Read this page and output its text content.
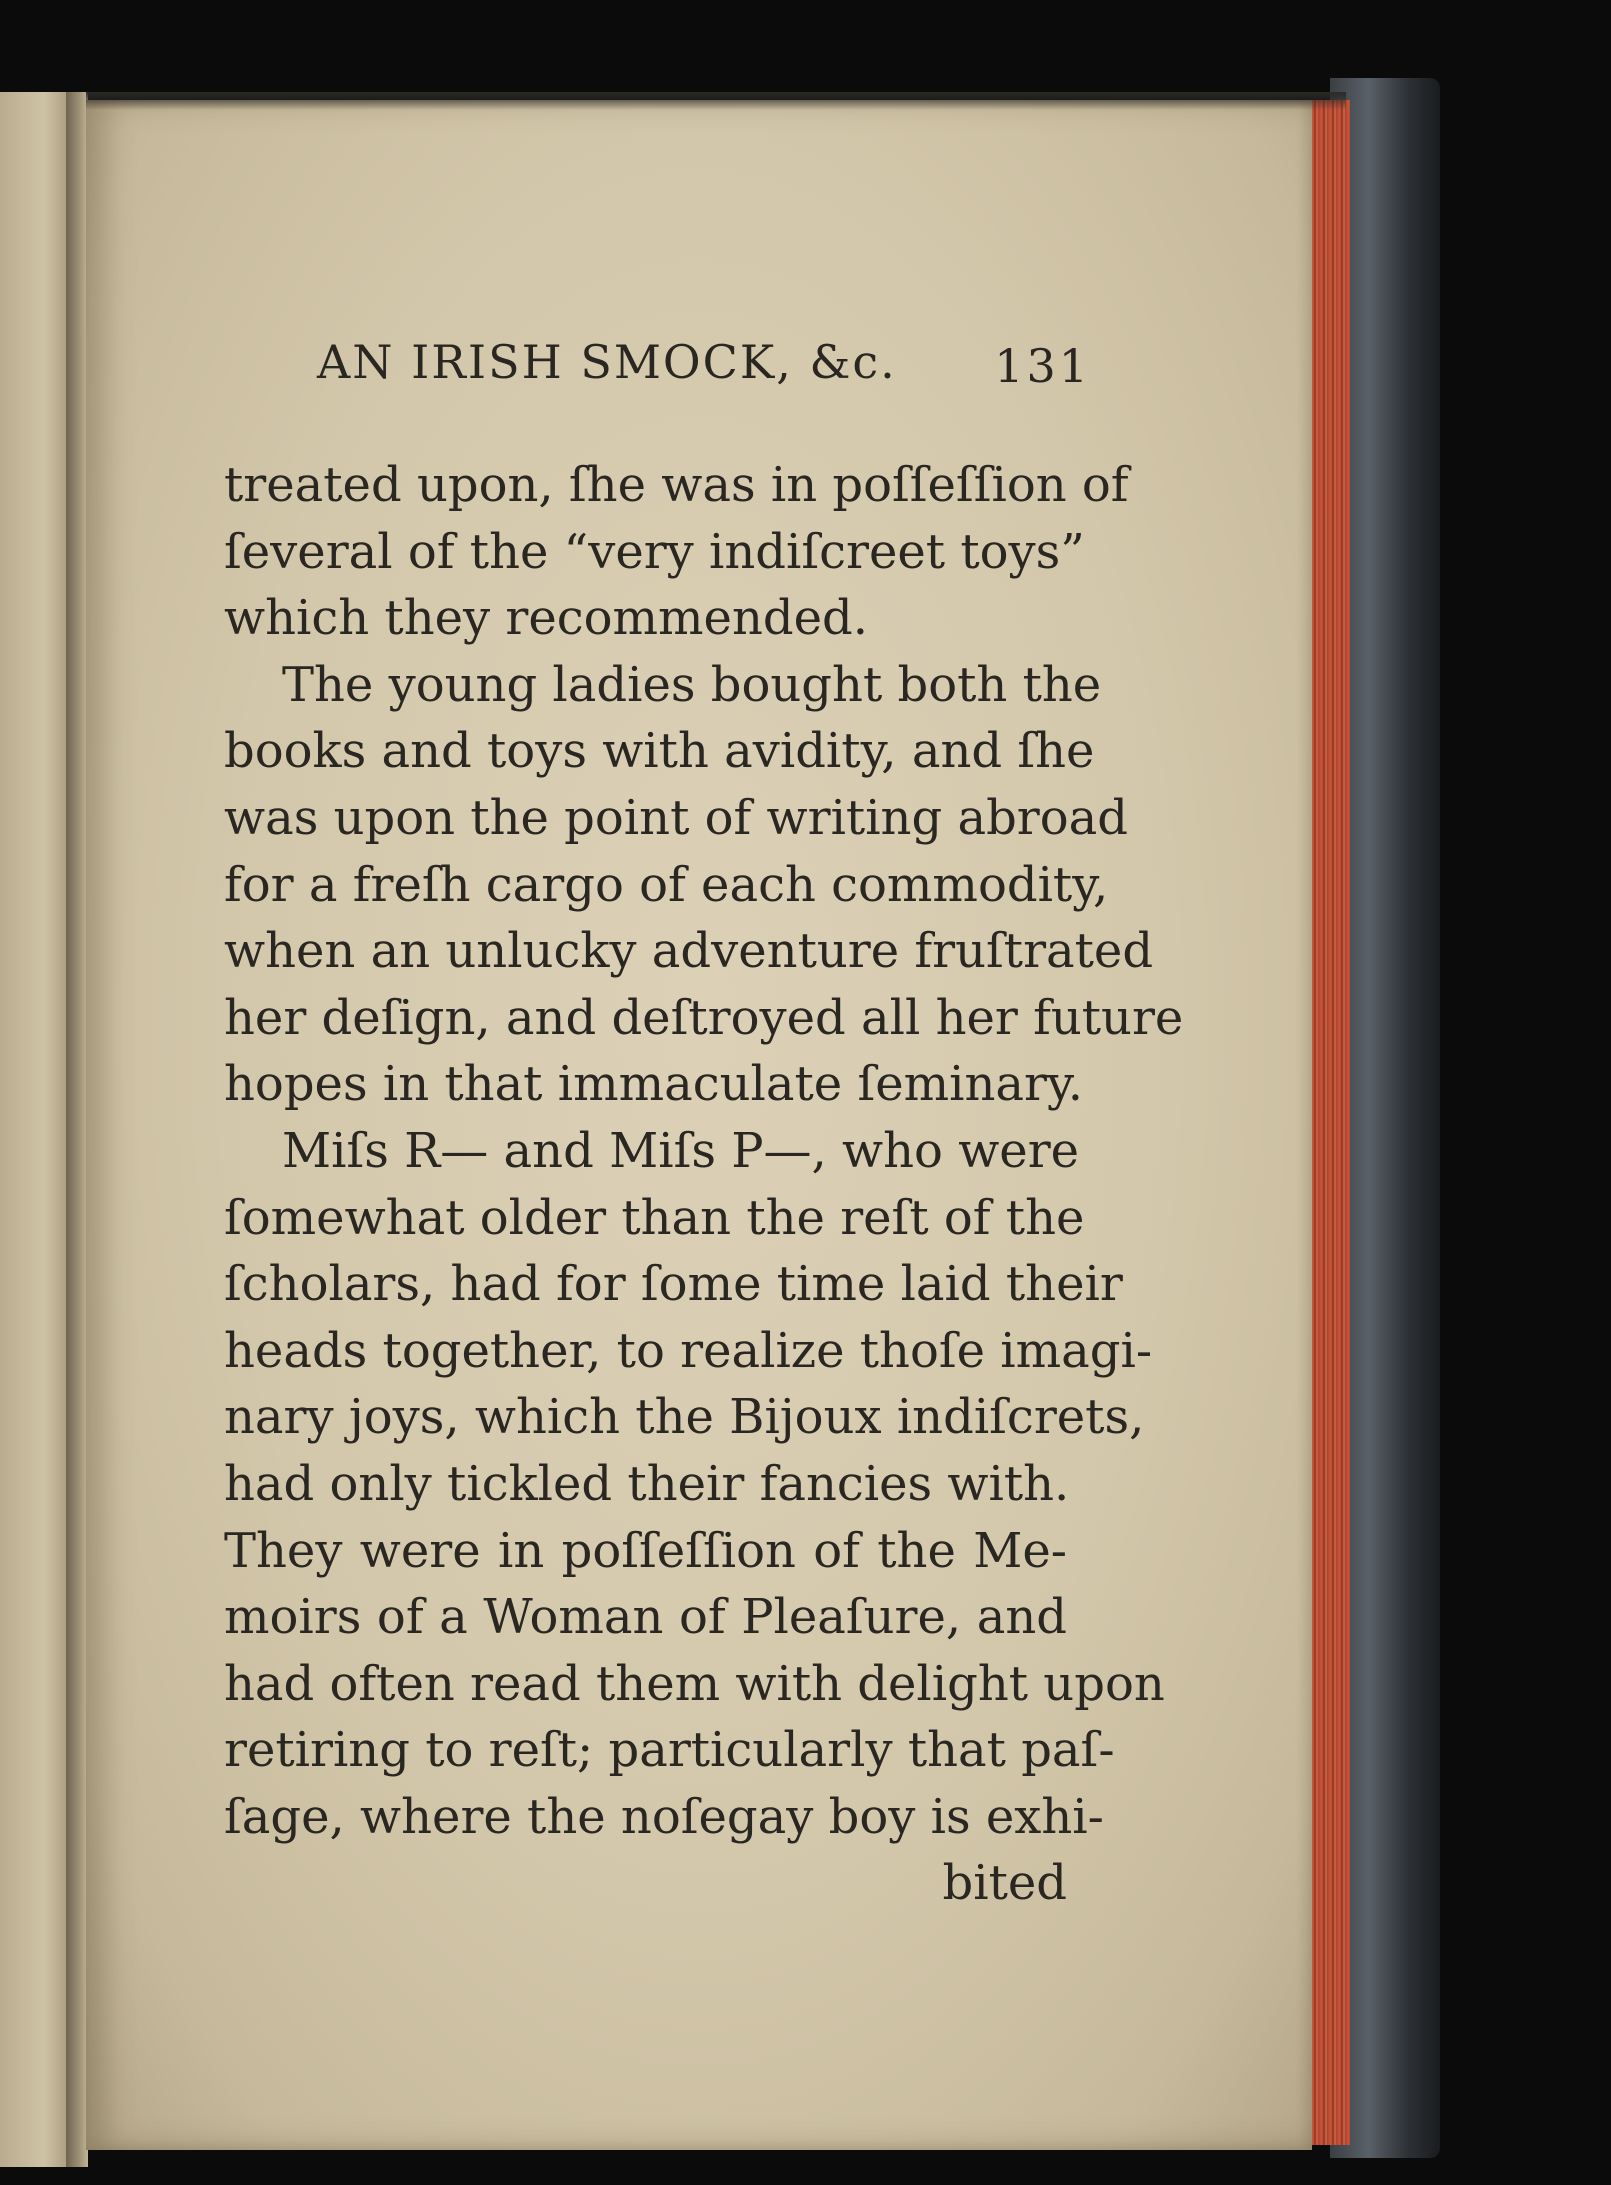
AN IRISH SMOCK, &c. 131
treated upon, ſhe was in poſſeſſion of
ſeveral of the “very indiſcreet toys”
which they recommended.
The young ladies bought both the
books and toys with avidity, and ſhe
was upon the point of writing abroad
for a freſh cargo of each commodity,
when an unlucky adventure fruſtrated
her deſign, and deſtroyed all her future
hopes in that immaculate ſeminary.
Miſs R— and Miſs P—, who were
ſomewhat older than the reſt of the
ſcholars, had for ſome time laid their
heads together, to realize thoſe imagi-
nary joys, which the Bijoux indiſcrets,
had only tickled their fancies with.
They were in poſſeſſion of the Me-
moirs of a Woman of Pleaſure, and
had often read them with delight upon
retiring to reſt; particularly that paſ-
ſage, where the noſegay boy is exhi-
bited
